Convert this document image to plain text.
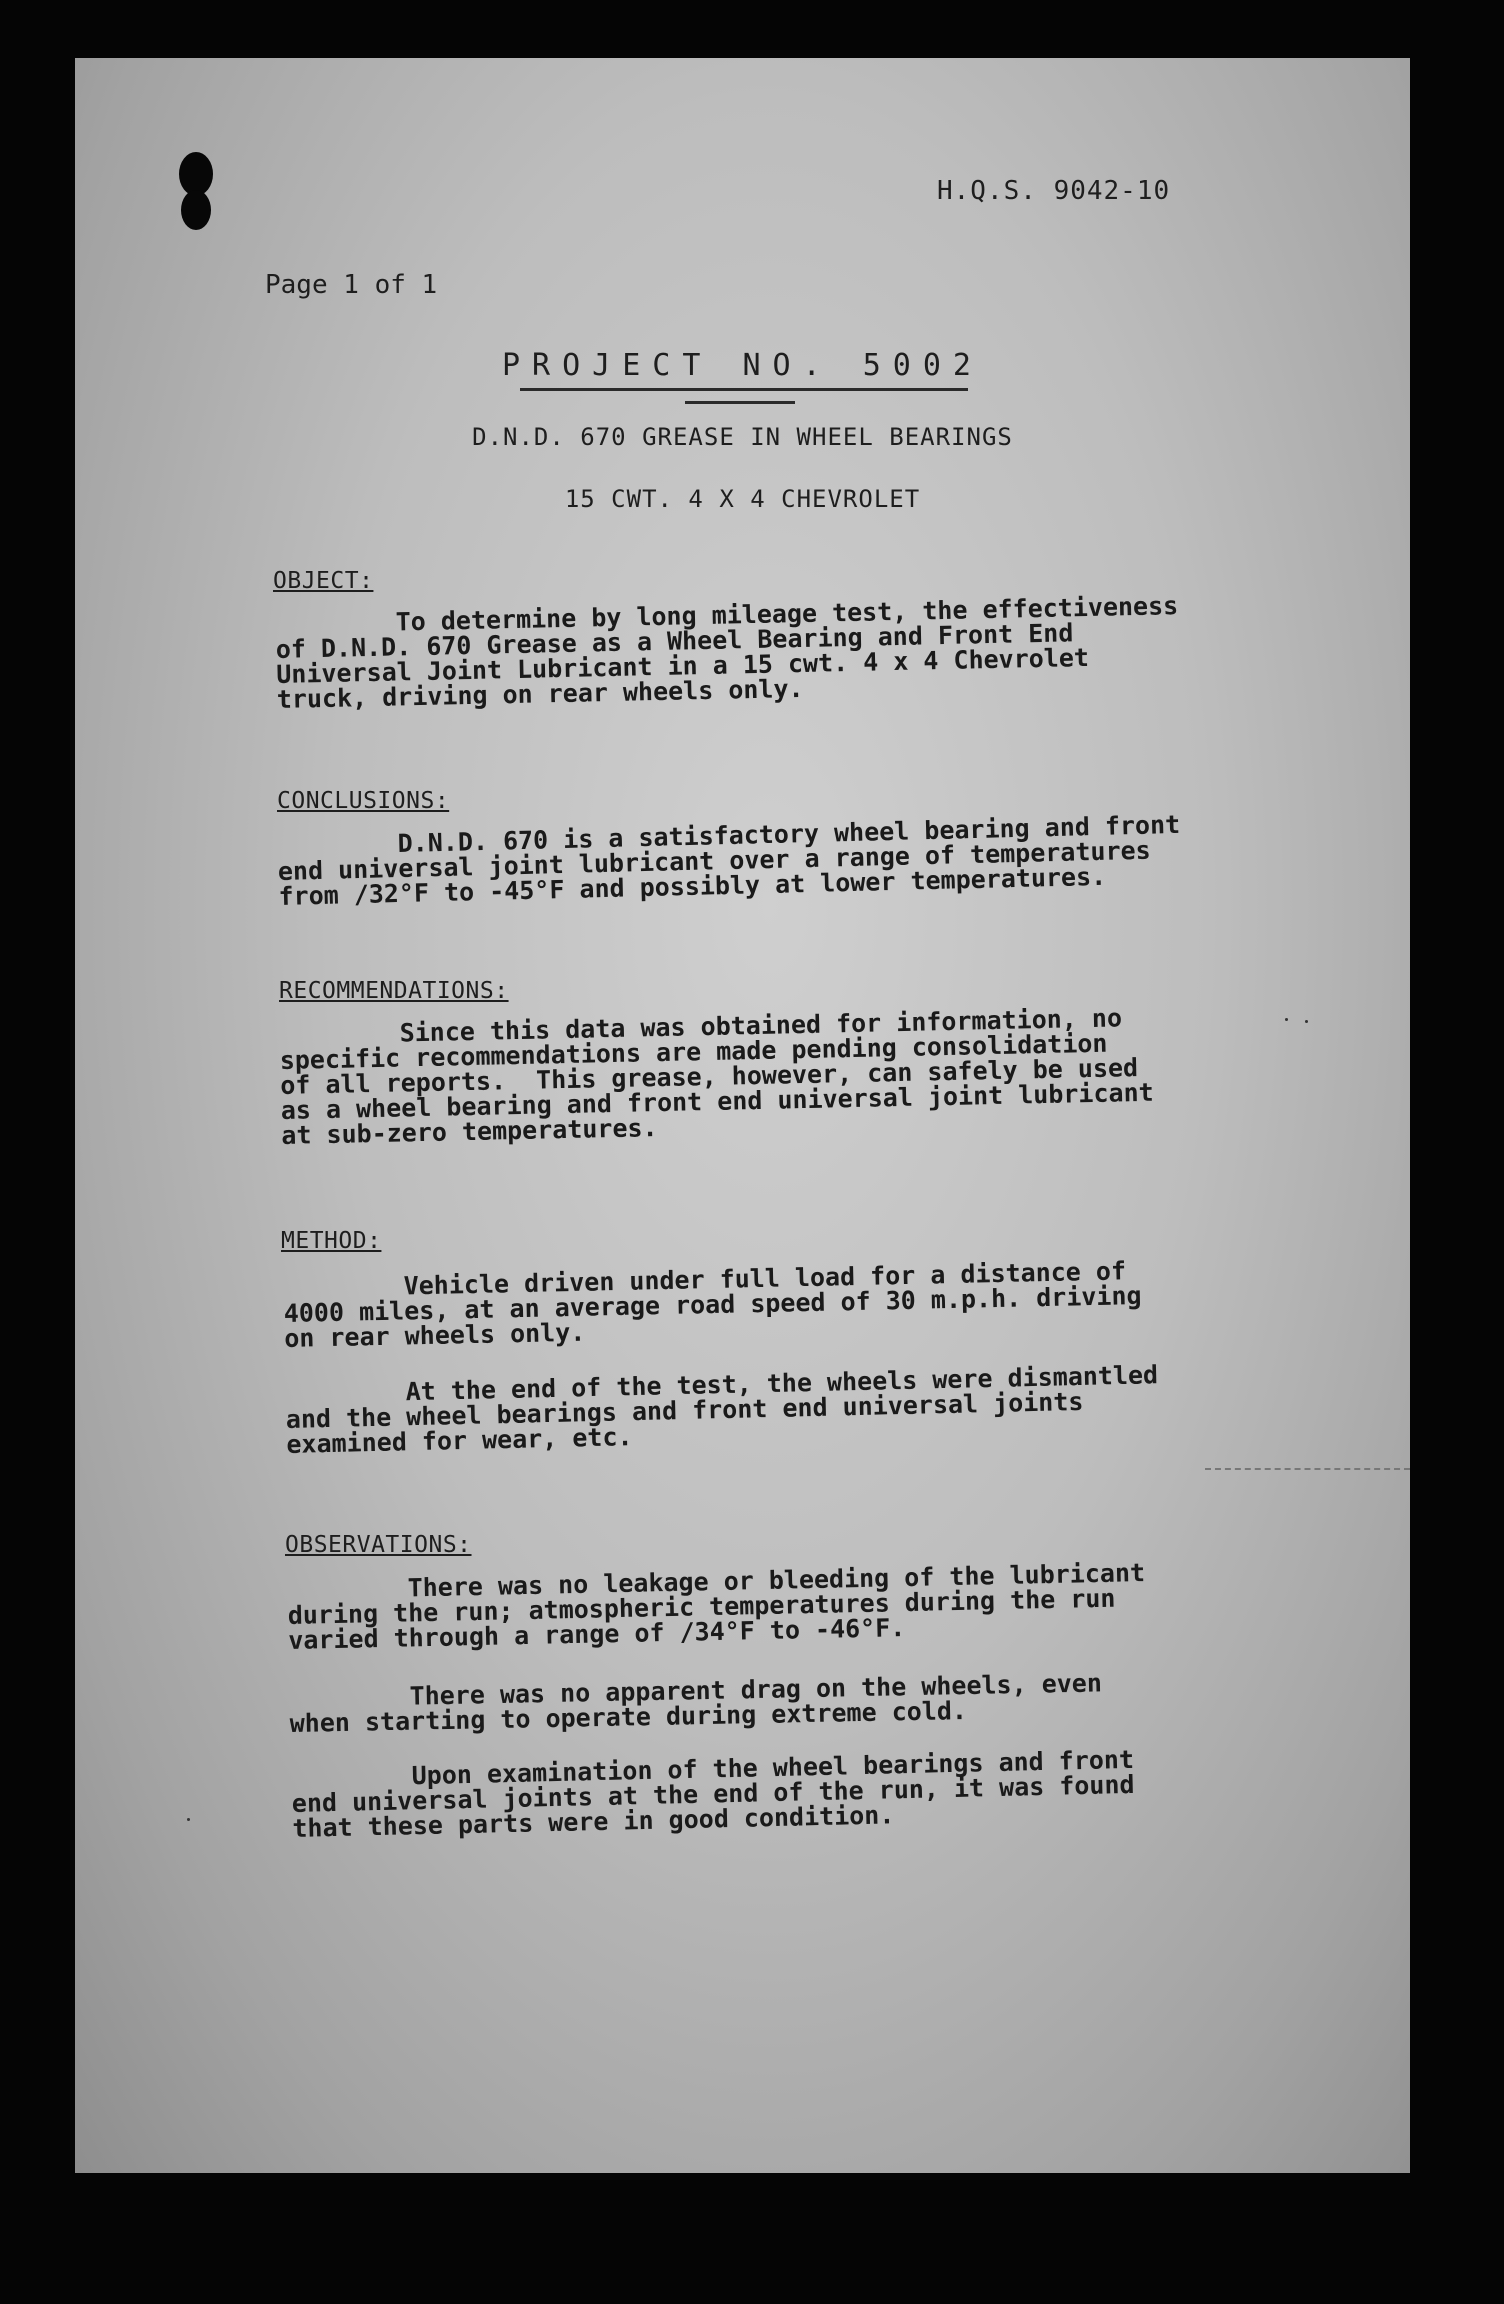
H.Q.S. 9042-10
Page 1 of 1
PROJECT NO. 5002
D.N.D. 670 GREASE IN WHEEL BEARINGS
15 CWT. 4 X 4 CHEVROLET
OBJECT:
To determine by long mileage test, the effectiveness
of D.N.D. 670 Grease as a Wheel Bearing and Front End
Universal Joint Lubricant in a 15 cwt. 4 x 4 Chevrolet
truck, driving on rear wheels only.
CONCLUSIONS:
D.N.D. 670 is a satisfactory wheel bearing and front
end universal joint lubricant over a range of temperatures
from /32°F to -45°F and possibly at lower temperatures.
RECOMMENDATIONS:
Since this data was obtained for information, no
specific recommendations are made pending consolidation
of all reports.  This grease, however, can safely be used
as a wheel bearing and front end universal joint lubricant
at sub-zero temperatures.
METHOD:
Vehicle driven under full load for a distance of
4000 miles, at an average road speed of 30 m.p.h. driving
on rear wheels only.
At the end of the test, the wheels were dismantled
and the wheel bearings and front end universal joints
examined for wear, etc.
OBSERVATIONS:
There was no leakage or bleeding of the lubricant
during the run; atmospheric temperatures during the run
varied through a range of /34°F to -46°F.
There was no apparent drag on the wheels, even
when starting to operate during extreme cold.
Upon examination of the wheel bearings and front
end universal joints at the end of the run, it was found
that these parts were in good condition.
